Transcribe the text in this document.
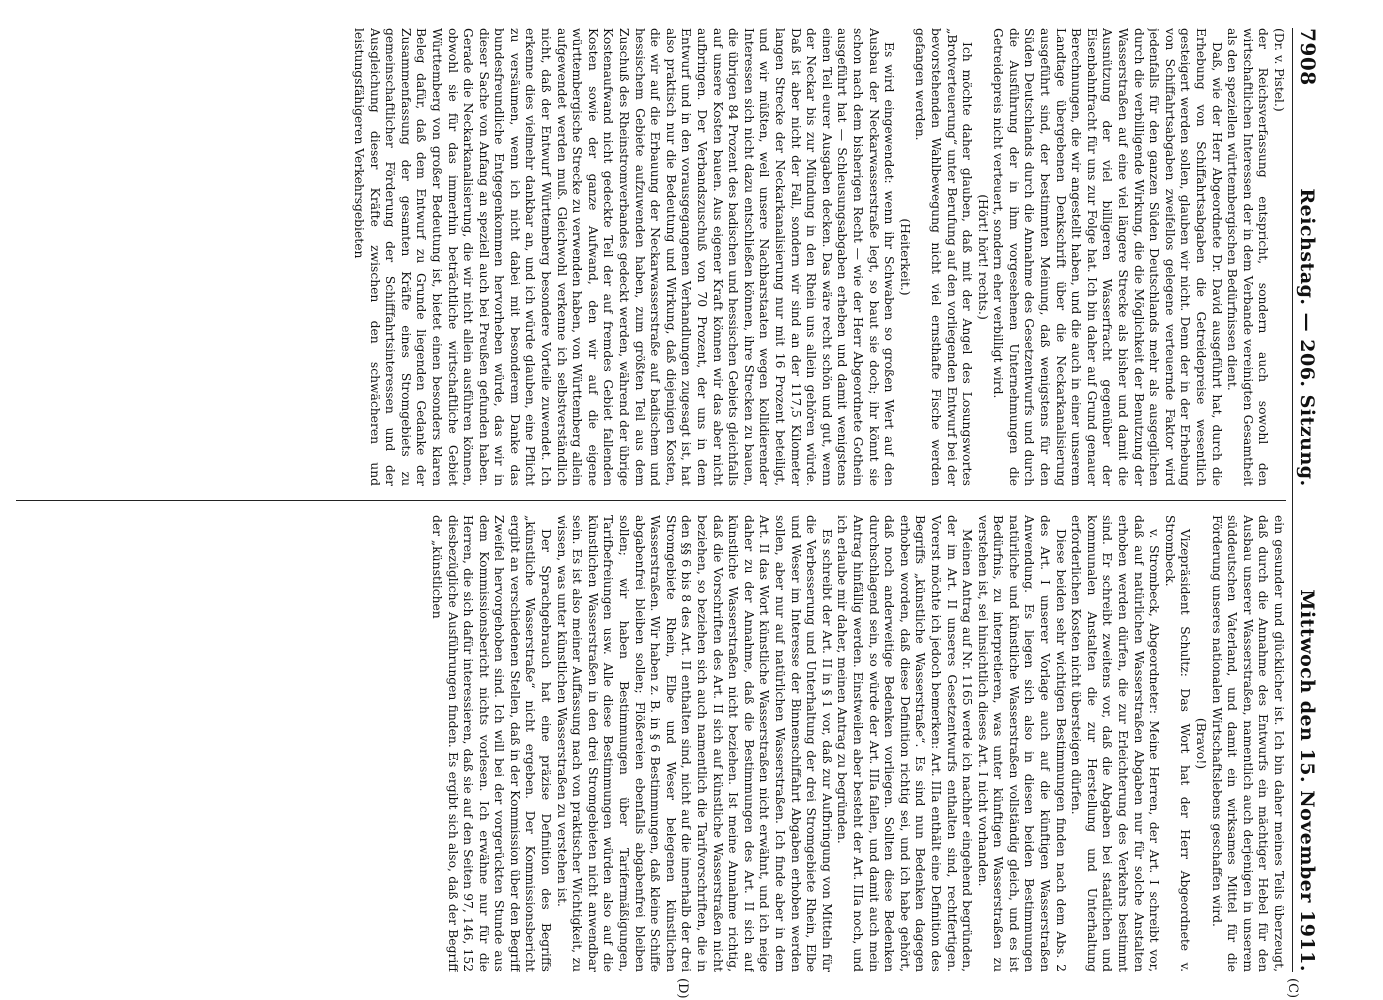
7908
Reichstag. — 206. Sitzung.
Mittwoch den 15. November 1911.

(Dr. v. Pistel.)

der Reichsverfassung entspricht, sondern auch sowohl den wirtschaftlichen Interessen der in dem Verbande vereinigten Gesamtheit als den speziellen württembergischen Bedürfnissen dient.

Daß, wie der Herr Abgeordnete Dr. David ausgeführt hat, durch die Erhebung von Schiffahrtsabgaben die Getreidepreise wesentlich gesteigert werden sollen, glauben wir nicht. Denn der in der Erhebung von Schiffahrtsabgaben zweifellos gelegene verteuernde Faktor wird jedenfalls für den ganzen Süden Deutschlands mehr als ausgeglichen durch die verbilligende Wirkung, die die Möglichkeit der Benutzung der Wasserstraßen auf eine viel längere Strecke als bisher und damit die Ausnützung der viel billigeren Wasserfracht gegenüber der Eisenbahnfracht für uns zur Folge hat. Ich bin daher auf Grund genauer Berechnungen, die wir angestellt haben, und die auch in einer unserem Landtage übergebenen Denkschrift über die Neckarkanalisierung ausgeführt sind, der bestimmten Meinung, daß wenigstens für den Süden Deutschlands durch die Annahme des Gesetzentwurfs und durch die Ausführung der in ihm vorgesehenen Unternehmungen die Getreidepreis nicht verteuert, sondern eher verbilligt wird.

(Hört! hört! rechts.)

Ich möchte daher glauben, daß mit der Angel des Losungswortes „Brotverteuerung“ unter Berufung auf den vorliegenden Entwurf bei der bevorstehenden Wahlbewegung nicht viel ernsthafte Fische werden gefangen werden.

(Heiterkeit.)

Es wird eingewendet: wenn ihr Schwaben so großen Wert auf den Ausbau der Neckarwasserstraße legt, so baut sie doch; ihr könnt sie schon nach dem bisherigen Recht — wie der Herr Abgeordnete Gothein ausgeführt hat — Schleusungsabgaben erheben und damit wenigstens einen Teil eurer Ausgaben decken. Das wäre recht schön und gut, wenn der Neckar bis zur Mündung in den Rhein uns allein gehören würde. Daß ist aber nicht der Fall, sondern wir sind an der 117,5 Kilometer langen Strecke der Neckarkanalisierung nur mit 16 Prozent beteiligt, und wir müßten, weil unsere Nachbarstaaten wegen kollidierender Interessen sich nicht dazu entschließen können, ihre Strecken zu bauen, die übrigen 84 Prozent des badischen und hessischen Gebiets gleichfalls auf unsere Kosten bauen. Aus eigener Kraft können wir das aber nicht aufbringen. Der Verbandszuschuß von 70 Prozent, der uns in dem Entwurf und in den vorausgegangenen Verhandlungen zugesagt ist, hat also praktisch nur die Bedeutung und Wirkung, daß diejenigen Kosten, die wir auf die Erbauung der Neckarwasserstraße auf badischem und hessischem Gebiete aufzuwenden haben, zum größten Teil aus dem Zuschuß des Rheinstromverbandes gedeckt werden, während der übrige Kostenaufwand nicht gedeckte Teil der auf fremdes Gebiet fallenden Kosten sowie der ganze Aufwand, den wir auf die eigene württembergische Strecke zu verwenden haben, von Württemberg allein aufgewendet werden muß. Gleichwohl verkenne ich selbstverständlich nicht, daß der Entwurf Württemberg besondere Vorteile zuwendet. Ich erkenne dies vielmehr dankbar an, und ich würde glauben, eine Pflicht zu versäumen, wenn ich nicht dabei mit besonderem Danke das bundesfreundliche Entgegenkommen hervorheben würde, das wir in dieser Sache von Anfang an speziell auch bei Preußen gefunden haben. Gerade die Neckarkanalisierung, die wir nicht allein ausführen können, obwohl sie für das immerhin beträchtliche wirtschaftliche Gebiet Württemberg von großer Bedeutung ist, bietet einen besonders klaren Beleg dafür, daß dem Entwurf zu Grunde liegenden Gedanke der Zusammenfassung der gesamten Kräfte eines Stromgebiets zu gemeinschaftlicher Förderung der Schifffahrtsinteressen und der Ausgleichung dieser Kräfte zwischen den schwächeren und leistungsfähigeren Verkehrsgebieten

ein gesunder und glücklicher ist. Ich bin daher meines Teils überzeugt, daß durch die Annahme des Entwurfs ein mächtiger Hebel für den Ausbau unserer Wasserstraßen, namentlich auch derjenigen in unserem süddeutschen Vaterland, und damit ein wirksames Mittel für die Förderung unseres nationalen Wirtschaftslebens geschaffen wird.

(Bravo!)

Vizepräsident Schultz: Das Wort hat der Herr Abgeordnete v. Strombeck.

v. Strombeck, Abgeordneter: Meine Herren, der Art. I schreibt vor, daß auf natürlichen Wasserstraßen Abgaben nur für solche Anstalten erhoben werden dürfen, die zur Erleichterung des Verkehrs bestimmt sind. Er schreibt zweitens vor, daß die Abgaben bei staatlichen und kommunalen Anstalten die zur Herstellung und Unterhaltung erforderlichen Kosten nicht übersteigen dürfen.

Diese beiden sehr wichtigen Bestimmungen finden nach dem Abs. 2 des Art. I unserer Vorlage auch auf die künftigen Wasserstraßen Anwendung. Es liegen sich also in diesen beiden Bestimmungen natürliche und künstliche Wasserstraßen vollständig gleich, und es ist Bedürfnis, zu interpretieren, was unter künftigen Wasserstraßen zu verstehen ist, sei hinsichtlich dieses Art. I nicht vorhanden.

Meinen Antrag auf Nr. 1165 werde ich nachher eingehend begründen, der im Art. II unseres Gesetzentwurfs enthalten sind, rechtfertigen. Vorerst möchte ich jedoch bemerken: Art. IIIa enthält eine Definition des Begriffs „künstliche Wasserstraße“. Es sind nun Bedenken dagegen erhoben worden, daß diese Definition richtig sei, und ich habe gehört, daß noch anderweitige Bedenken vorliegen. Sollten diese Bedenken durchschlagend sein, so würde der Art. IIIa fallen, und damit auch mein Antrag hinfällig werden. Einstweilen aber besteht der Art. IIIa noch, und ich erlaube mir daher, meinen Antrag zu begründen.

Es schreibt der Art. II in § 1 vor, daß zur Aufbringung von Mitteln für die Verbesserung und Unterhaltung der drei Stromgebiete Rhein, Elbe und Weser im Interesse der Binnenschiffahrt Abgaben erhoben werden sollen, aber nur auf natürlichen Wasserstraßen. Ich finde aber in dem Art. II das Wort künstliche Wasserstraßen nicht erwähnt, und ich neige daher zu der Annahme, daß die Bestimmungen des Art. II sich auf künstliche Wasserstraßen nicht beziehen. Ist meine Annahme richtig, daß die Vorschriften des Art. II sich auf künstliche Wasserstraßen nicht beziehen, so beziehen sich auch namentlich die Tarifvorschriften, die in den §§ 6 bis 8 des Art. II enthalten sind, nicht auf die innerhalb der drei Stromgebiete Rhein, Elbe und Weser belegenen künstlichen Wasserstraßen. Wir haben z. B. in § 6 Bestimmungen, daß kleine Schiffe abgabenfrei bleiben sollen; Flößereien ebenfalls abgabenfrei bleiben sollen; wir haben Bestimmungen über Tarifermäßigungen, Tarifbefreiungen usw. Alle diese Bestimmungen würden also auf die künstlichen Wasserstraßen in den drei Stromgebieten nicht anwendbar sein. Es ist also meiner Auffassung nach von praktischer Wichtigkeit, zu wissen, was unter künstlichen Wasserstraßen zu verstehen ist.

Der Sprachgebrauch hat eine präzise Definition des Begriffs „künstliche Wasserstraße“ nicht ergeben. Der Kommissionsbericht ergibt an verschiedenen Stellen, daß in der Kommission über den Begriff Zweifel hervorgehoben sind. Ich will bei der vorgerückten Stunde aus dem Kommissionsbericht nichts vorlesen. Ich erwähne nur für die Herren, die sich dafür interessieren, daß sie auf den Seiten 97, 146, 152 diesbezügliche Ausführungen finden. Es ergibt sich also, daß der Begriff der „künstlichen

(C)
(D)
